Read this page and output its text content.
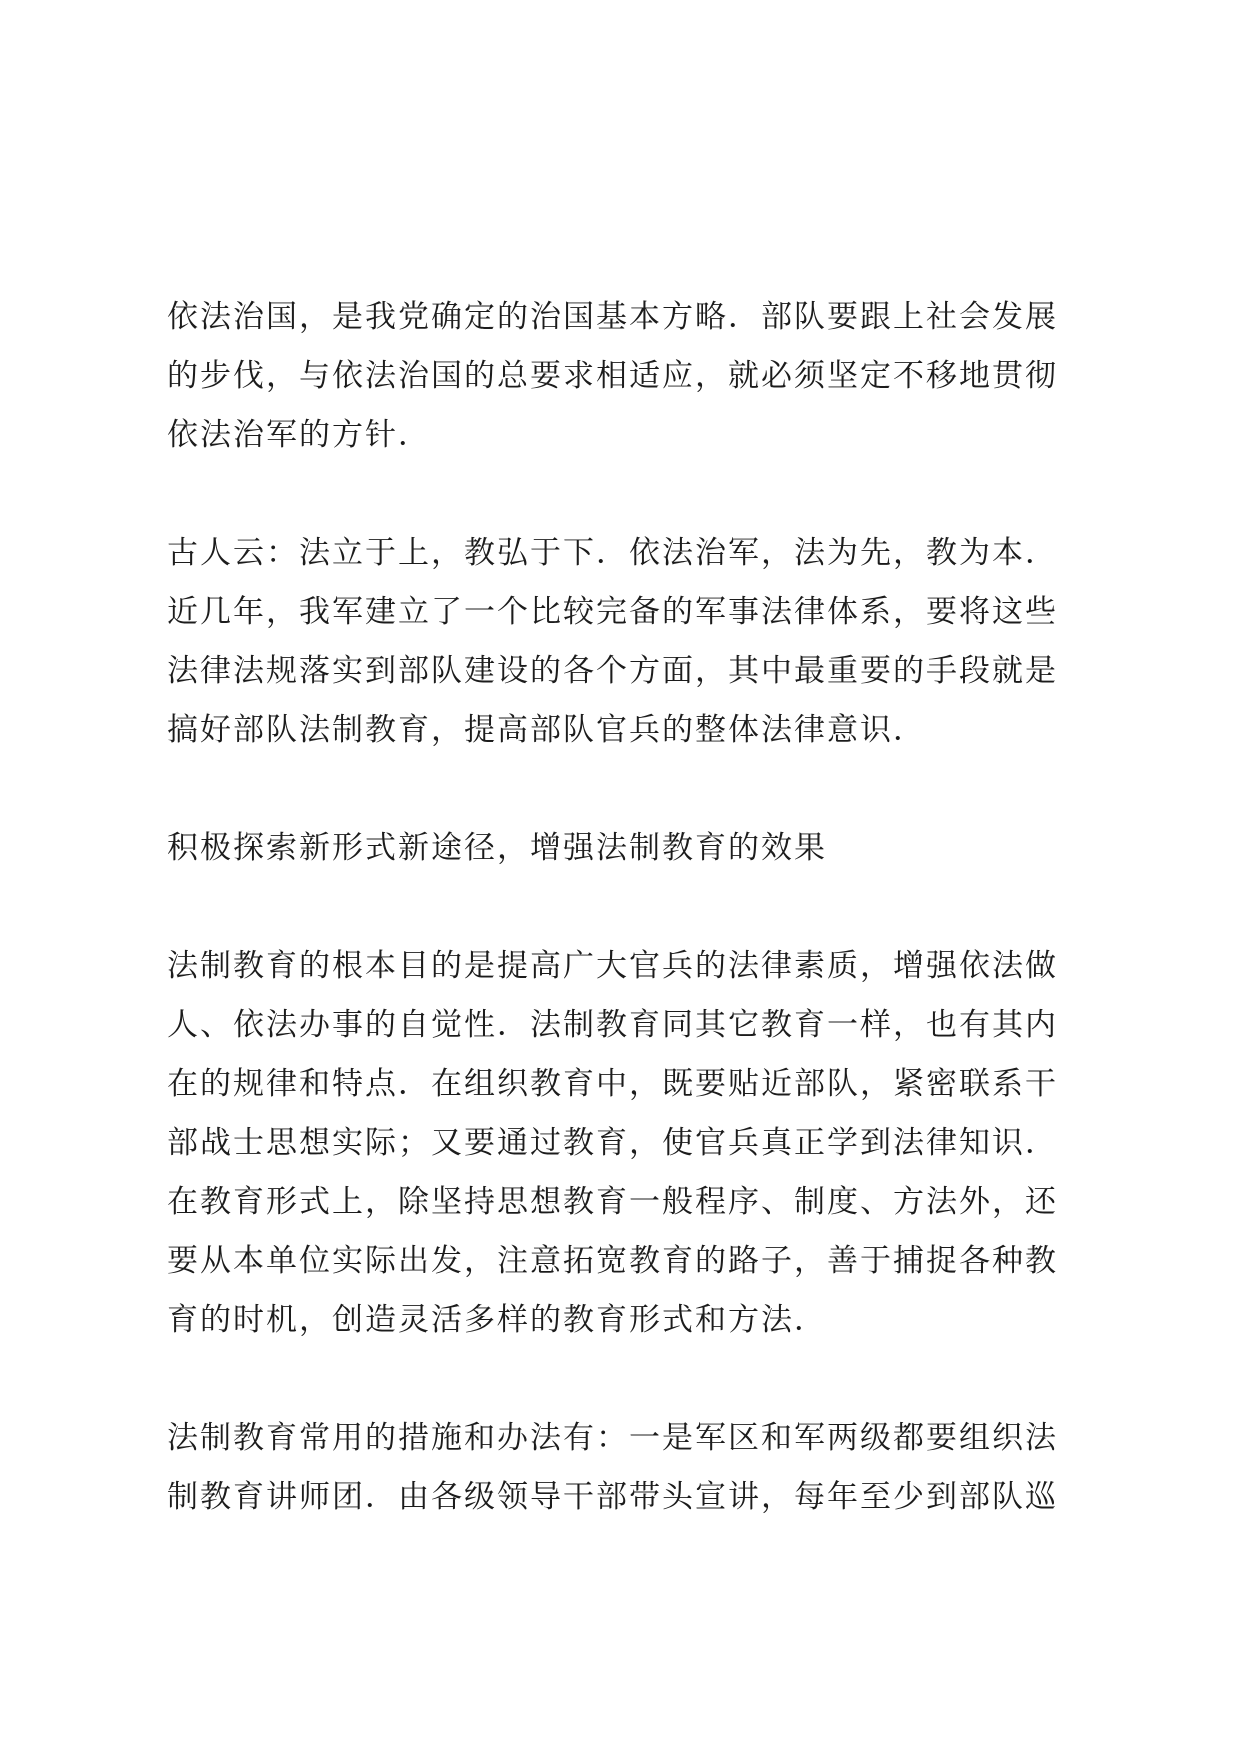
依法治国，是我党确定的治国基本方略．部队要跟上社会发展
的步伐，与依法治国的总要求相适应，就必须坚定不移地贯彻
依法治军的方针．
古人云：法立于上，教弘于下．依法治军，法为先，教为本．
近几年，我军建立了一个比较完备的军事法律体系，要将这些
法律法规落实到部队建设的各个方面，其中最重要的手段就是
搞好部队法制教育，提高部队官兵的整体法律意识．
积极探索新形式新途径，增强法制教育的效果
法制教育的根本目的是提高广大官兵的法律素质，增强依法做
人、依法办事的自觉性．法制教育同其它教育一样，也有其内
在的规律和特点．在组织教育中，既要贴近部队，紧密联系干
部战士思想实际；又要通过教育，使官兵真正学到法律知识．
在教育形式上，除坚持思想教育一般程序、制度、方法外，还
要从本单位实际出发，注意拓宽教育的路子，善于捕捉各种教
育的时机，创造灵活多样的教育形式和方法．
法制教育常用的措施和办法有：一是军区和军两级都要组织法
制教育讲师团．由各级领导干部带头宣讲，每年至少到部队巡
